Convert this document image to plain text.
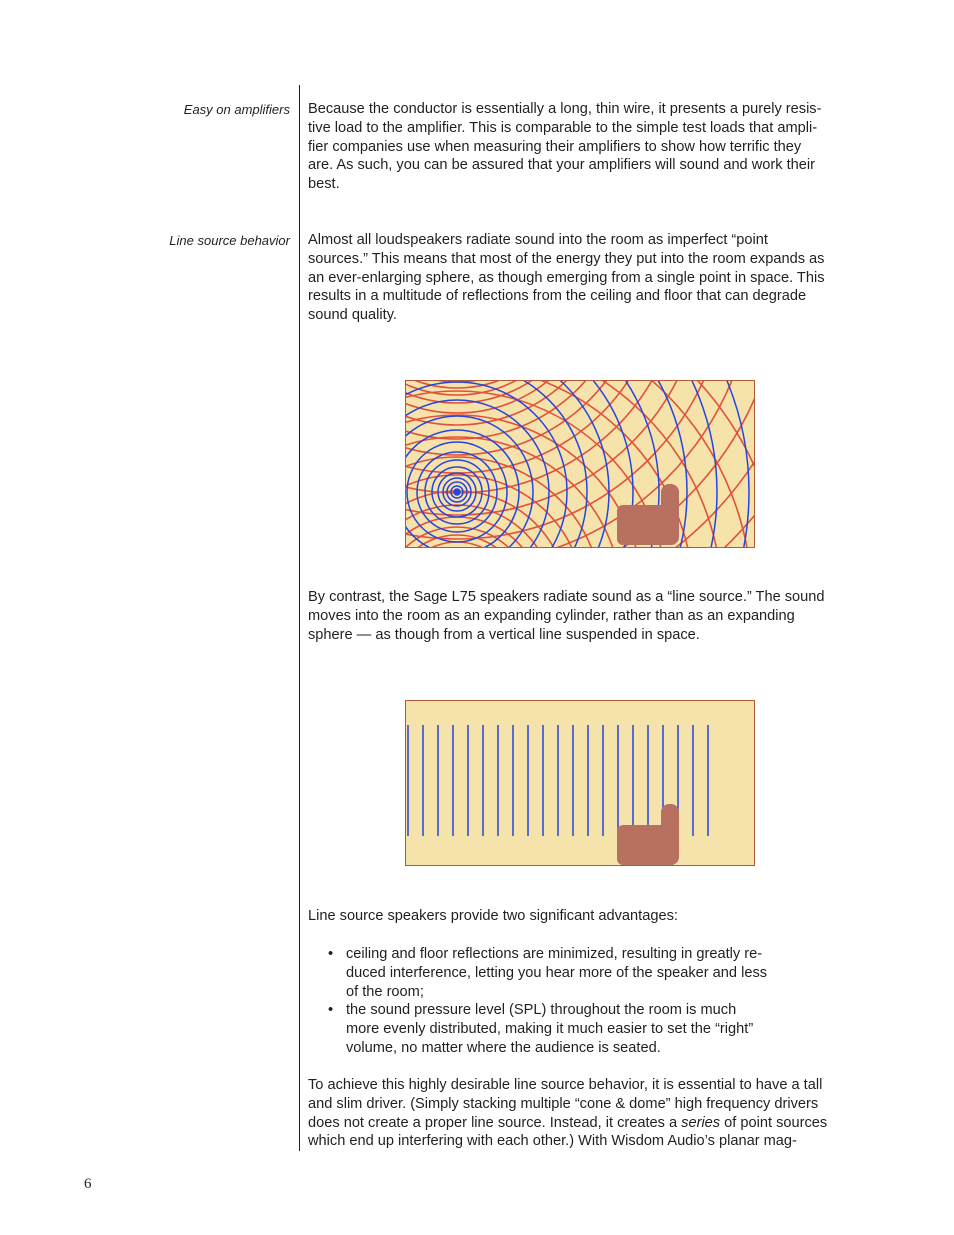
Easy on amplifiers
Line source behavior

Because the conductor is essentially a long, thin wire, it presents a purely resis-
tive load to the amplifier. This is comparable to the simple test loads that ampli-
fier companies use when measuring their amplifiers to show how terrific they
are. As such, you can be assured that your amplifiers will sound and work their
best.

Almost all loudspeakers radiate sound into the room as imperfect “point
sources.” This means that most of the energy they put into the room expands as
an ever-enlarging sphere, as though emerging from a single point in space. This
results in a multitude of reflections from the ceiling and floor that can degrade
sound quality.

By contrast, the Sage L75 speakers radiate sound as a “line source.” The sound
moves into the room as an expanding cylinder, rather than as an expanding
sphere — as though from a vertical line suspended in space.

Line source speakers provide two significant advantages:

• ceiling and floor reflections are minimized, resulting in greatly re-
duced interference, letting you hear more of the speaker and less
of the room;
• the sound pressure level (SPL) throughout the room is much
more evenly distributed, making it much easier to set the “right”
volume, no matter where the audience is seated.

To achieve this highly desirable line source behavior, it is essential to have a tall
and slim driver. (Simply stacking multiple “cone & dome” high frequency drivers
does not create a proper line source. Instead, it creates a series of point sources
which end up interfering with each other.) With Wisdom Audio’s planar mag-

6
